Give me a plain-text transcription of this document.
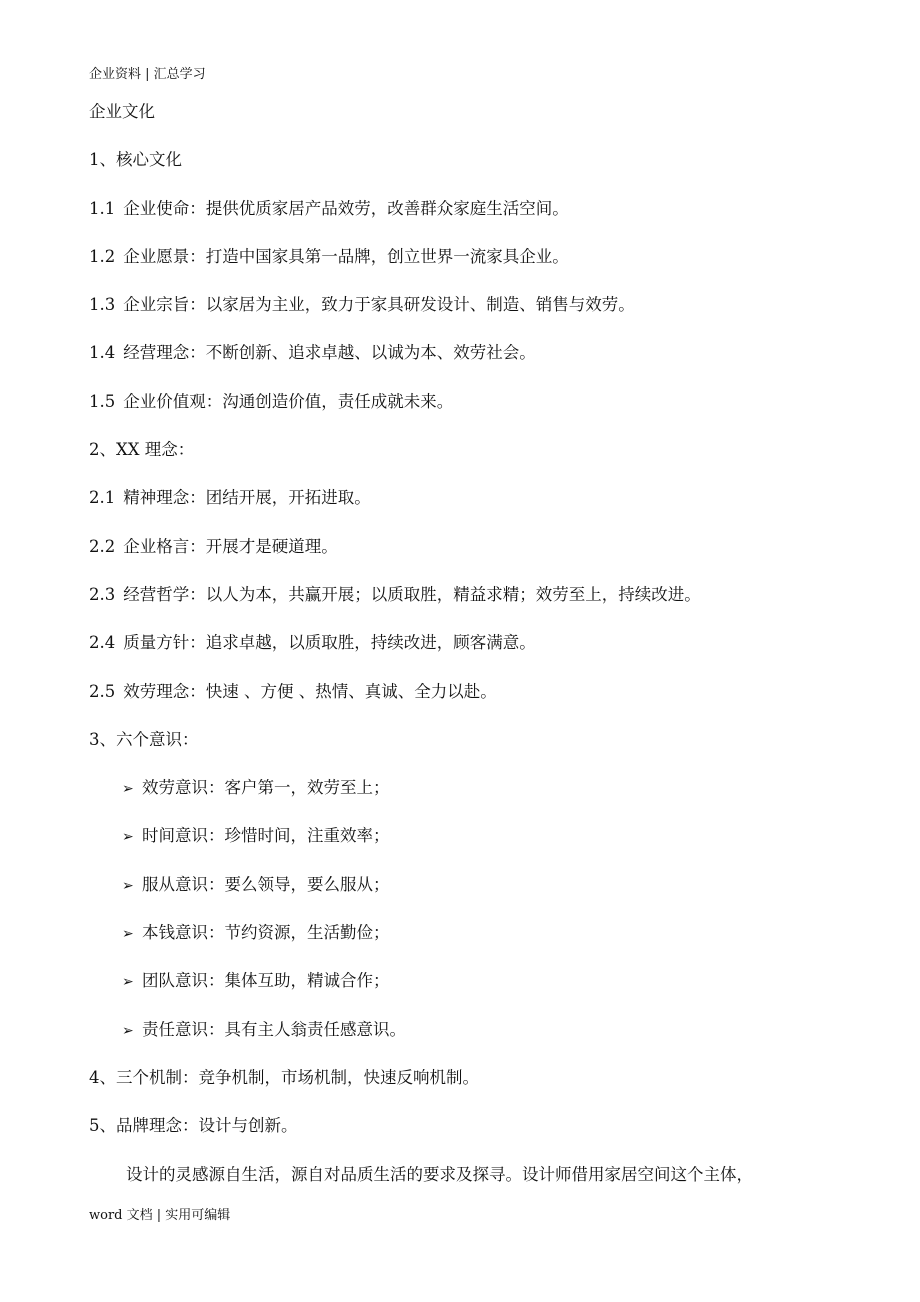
企业资料 | 汇总学习
企业文化
1、核心文化
1.1 企业使命：提供优质家居产品效劳，改善群众家庭生活空间。
1.2 企业愿景：打造中国家具第一品牌，创立世界一流家具企业。
1.3 企业宗旨：以家居为主业，致力于家具研发设计、制造、销售与效劳。
1.4 经营理念：不断创新、追求卓越、以诚为本、效劳社会。
1.5 企业价值观：沟通创造价值，责任成就未来。
2、XX 理念：
2.1 精神理念：团结开展，开拓进取。
2.2 企业格言：开展才是硬道理。
2.3 经营哲学：以人为本，共赢开展；以质取胜，精益求精；效劳至上，持续改进。
2.4 质量方针：追求卓越，以质取胜，持续改进，顾客满意。
2.5 效劳理念：快速 、方便 、热情、真诚、全力以赴。
3、六个意识：
➢ 效劳意识：客户第一，效劳至上；
➢ 时间意识：珍惜时间，注重效率；
➢ 服从意识：要么领导，要么服从；
➢ 本钱意识：节约资源，生活勤俭；
➢ 团队意识：集体互助，精诚合作；
➢ 责任意识：具有主人翁责任感意识。
4、三个机制：竞争机制，市场机制，快速反响机制。
5、品牌理念：设计与创新。
设计的灵感源自生活，源自对品质生活的要求及探寻。设计师借用家居空间这个主体，
word 文档 | 实用可编辑
